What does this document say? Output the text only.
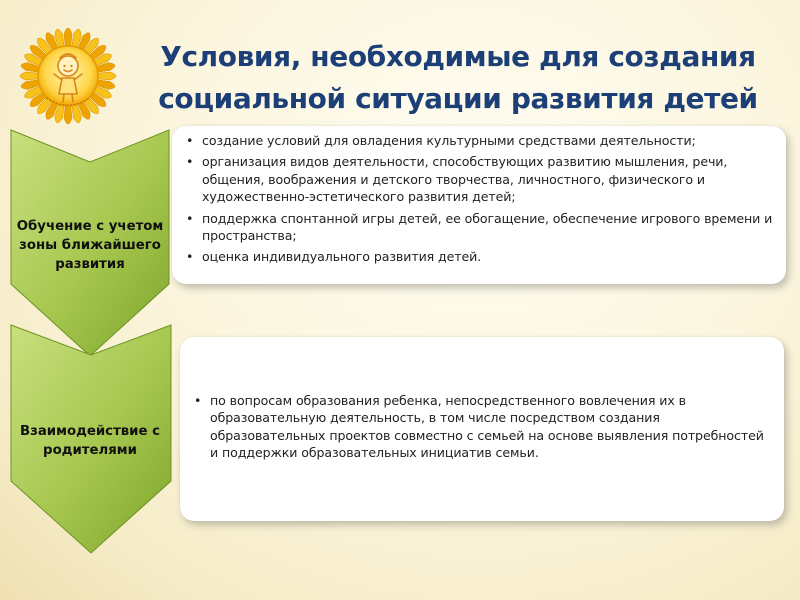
Условия, необходимые для создания социальной ситуации развития детей
• создание условий для овладения культурными средствами деятельности;
• организация видов деятельности, способствующих развитию мышления, речи, общения, воображения и детского творчества, личностного, физического и художественно-эстетического развития детей;
• поддержка спонтанной игры детей, ее обогащение, обеспечение игрового времени и пространства;
• оценка индивидуального развития детей.
Обучение с учетом зоны ближайшего развития
• по вопросам образования ребенка, непосредственного вовлечения их в образовательную деятельность, в том числе посредством создания образовательных проектов совместно с семьей на основе выявления потребностей и поддержки образовательных инициатив семьи.
Взаимодействие с родителями
